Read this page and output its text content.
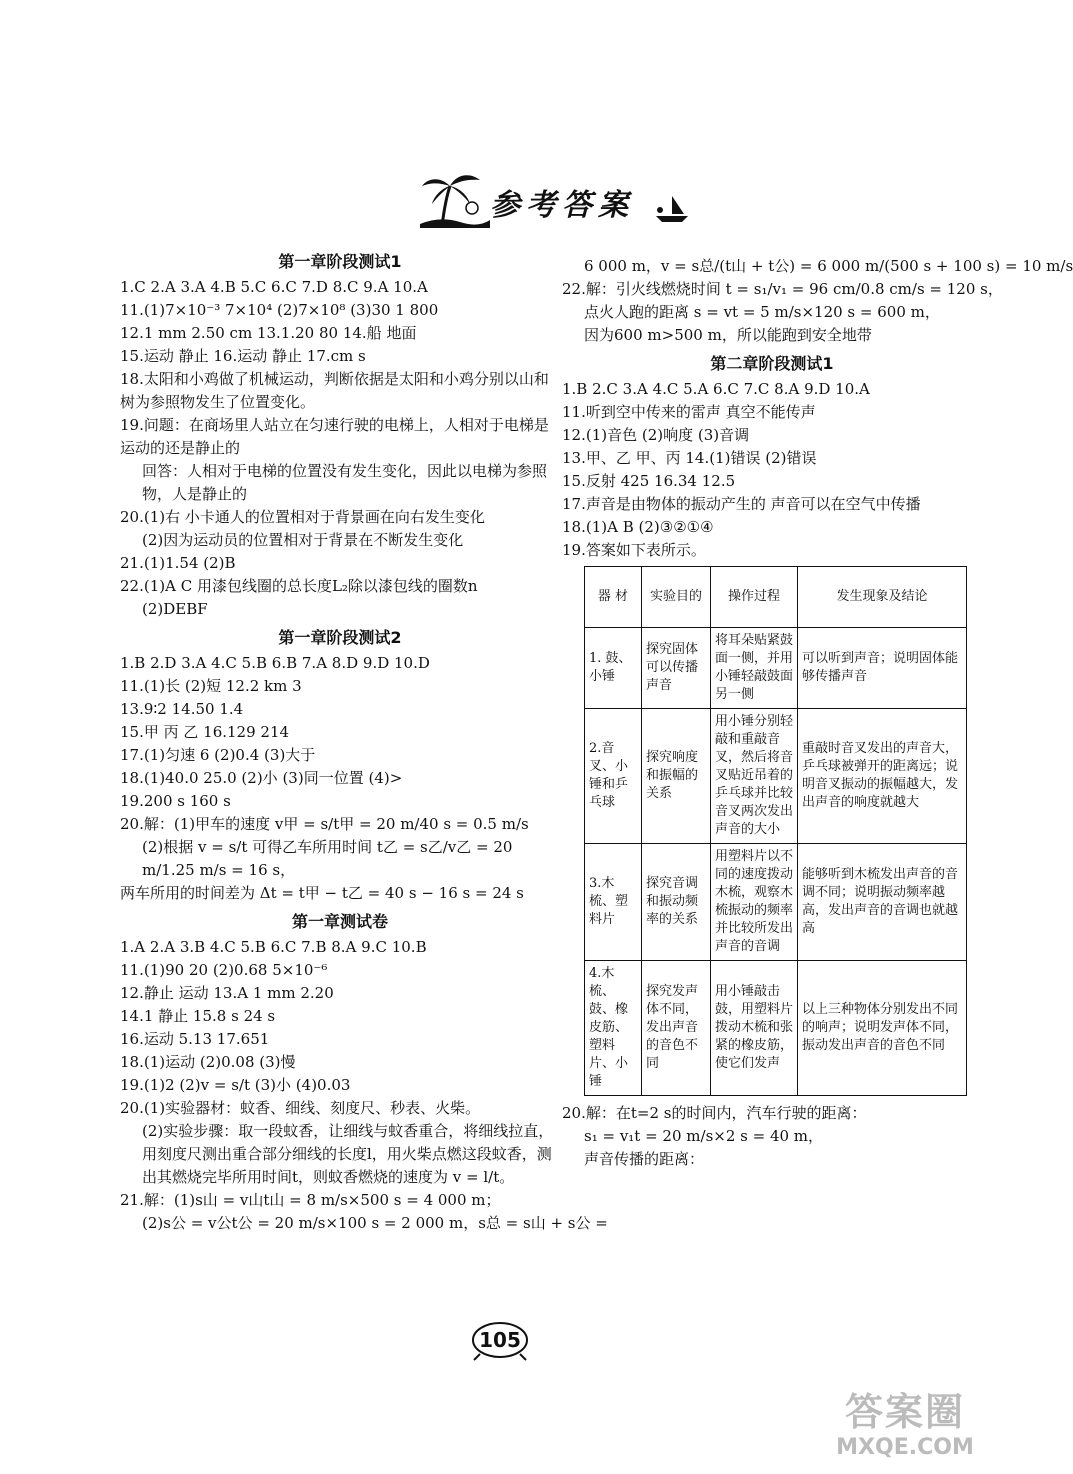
参考答案
第一章阶段测试1
1.C 2.A 3.A 4.B 5.C 6.C 7.D 8.C 9.A 10.A
11.(1)7×10⁻³ 7×10⁴ (2)7×10⁸ (3)30 1 800
12.1 mm 2.50 cm 13.1.20 80 14.船 地面
15.运动 静止 16.运动 静止 17.cm s
18.太阳和小鸡做了机械运动，判断依据是太阳和小鸡分别以山和树为参照物发生了位置变化。
19.问题：在商场里人站立在匀速行驶的电梯上，人相对于电梯是运动的还是静止的
回答：人相对于电梯的位置没有发生变化，因此以电梯为参照物，人是静止的
20.(1)右 小卡通人的位置相对于背景画在向右发生变化
(2)因为运动员的位置相对于背景在不断发生变化
21.(1)1.54 (2)B
22.(1)A C 用漆包线圈的总长度L₂除以漆包线的圈数n
(2)DEBF
第一章阶段测试2
1.B 2.D 3.A 4.C 5.B 6.B 7.A 8.D 9.D 10.D
11.(1)长 (2)短 12.2 km 3
13.9∶2 14.50 1.4
15.甲 丙 乙 16.129 214
17.(1)匀速 6 (2)0.4 (3)大于
18.(1)40.0 25.0 (2)小 (3)同一位置 (4)>
19.200 s 160 s
20.解：(1)甲车的速度 v甲 = s/t甲 = 20 m/40 s = 0.5 m/s
(2)根据 v = s/t 可得乙车所用时间 t乙 = s乙/v乙 = 20 m/1.25 m/s = 16 s，
两车所用的时间差为 Δt = t甲 − t乙 = 40 s − 16 s = 24 s
第一章测试卷
1.A 2.A 3.B 4.C 5.B 6.C 7.B 8.A 9.C 10.B
11.(1)90 20 (2)0.68 5×10⁻⁶
12.静止 运动 13.A 1 mm 2.20
14.1 静止 15.8 s 24 s
16.运动 5.13 17.651
18.(1)运动 (2)0.08 (3)慢
19.(1)2 (2)v = s/t (3)小 (4)0.03
20.(1)实验器材：蚊香、细线、刻度尺、秒表、火柴。
(2)实验步骤：取一段蚊香，让细线与蚊香重合，将细线拉直，用刻度尺测出重合部分细线的长度l，用火柴点燃这段蚊香，测出其燃烧完毕所用时间t，则蚊香燃烧的速度为 v = l/t。
21.解：(1)s山 = v山t山 = 8 m/s×500 s = 4 000 m；
(2)s公 = v公t公 = 20 m/s×100 s = 2 000 m，s总 = s山 + s公 =
6 000 m，v = s总/(t山 + t公) = 6 000 m/(500 s + 100 s) = 10 m/s
22.解：引火线燃烧时间 t = s₁/v₁ = 96 cm/0.8 cm/s = 120 s，
点火人跑的距离 s = vt = 5 m/s×120 s = 600 m，
因为600 m>500 m，所以能跑到安全地带
第二章阶段测试1
1.B 2.C 3.A 4.C 5.A 6.C 7.C 8.A 9.D 10.A
11.听到空中传来的雷声 真空不能传声
12.(1)音色 (2)响度 (3)音调
13.甲、乙 甲、丙 14.(1)错误 (2)错误
15.反射 425 16.34 12.5
17.声音是由物体的振动产生的 声音可以在空气中传播
18.(1)A B (2)③②①④
19.答案如下表所示。
器 材	实验目的	操作过程	发生现象及结论
1. 鼓、小锤	探究固体可以传播声音	将耳朵贴紧鼓面一侧，并用小锤轻敲鼓面另一侧	可以听到声音；说明固体能够传播声音
2.音叉、小锤和乒乓球	探究响度和振幅的关系	用小锤分别轻敲和重敲音叉，然后将音叉贴近吊着的乒乓球并比较音叉两次发出声音的大小	重敲时音叉发出的声音大，乒乓球被弹开的距离远；说明音叉振动的振幅越大，发出声音的响度就越大
3.木梳、塑料片	探究音调和振动频率的关系	用塑料片以不同的速度拨动木梳，观察木梳振动的频率并比较所发出声音的音调	能够听到木梳发出声音的音调不同；说明振动频率越高，发出声音的音调也就越高
4.木梳、鼓、橡皮筋、塑料片、小锤	探究发声体不同，发出声音的音色不同	用小锤敲击鼓，用塑料片拨动木梳和张紧的橡皮筋，使它们发声	以上三种物体分别发出不同的响声；说明发声体不同，振动发出声音的音色不同
20.解：在t=2 s的时间内，汽车行驶的距离：
s₁ = v₁t = 20 m/s×2 s = 40 m，
声音传播的距离：
105
答案圈
MXQE.COM
